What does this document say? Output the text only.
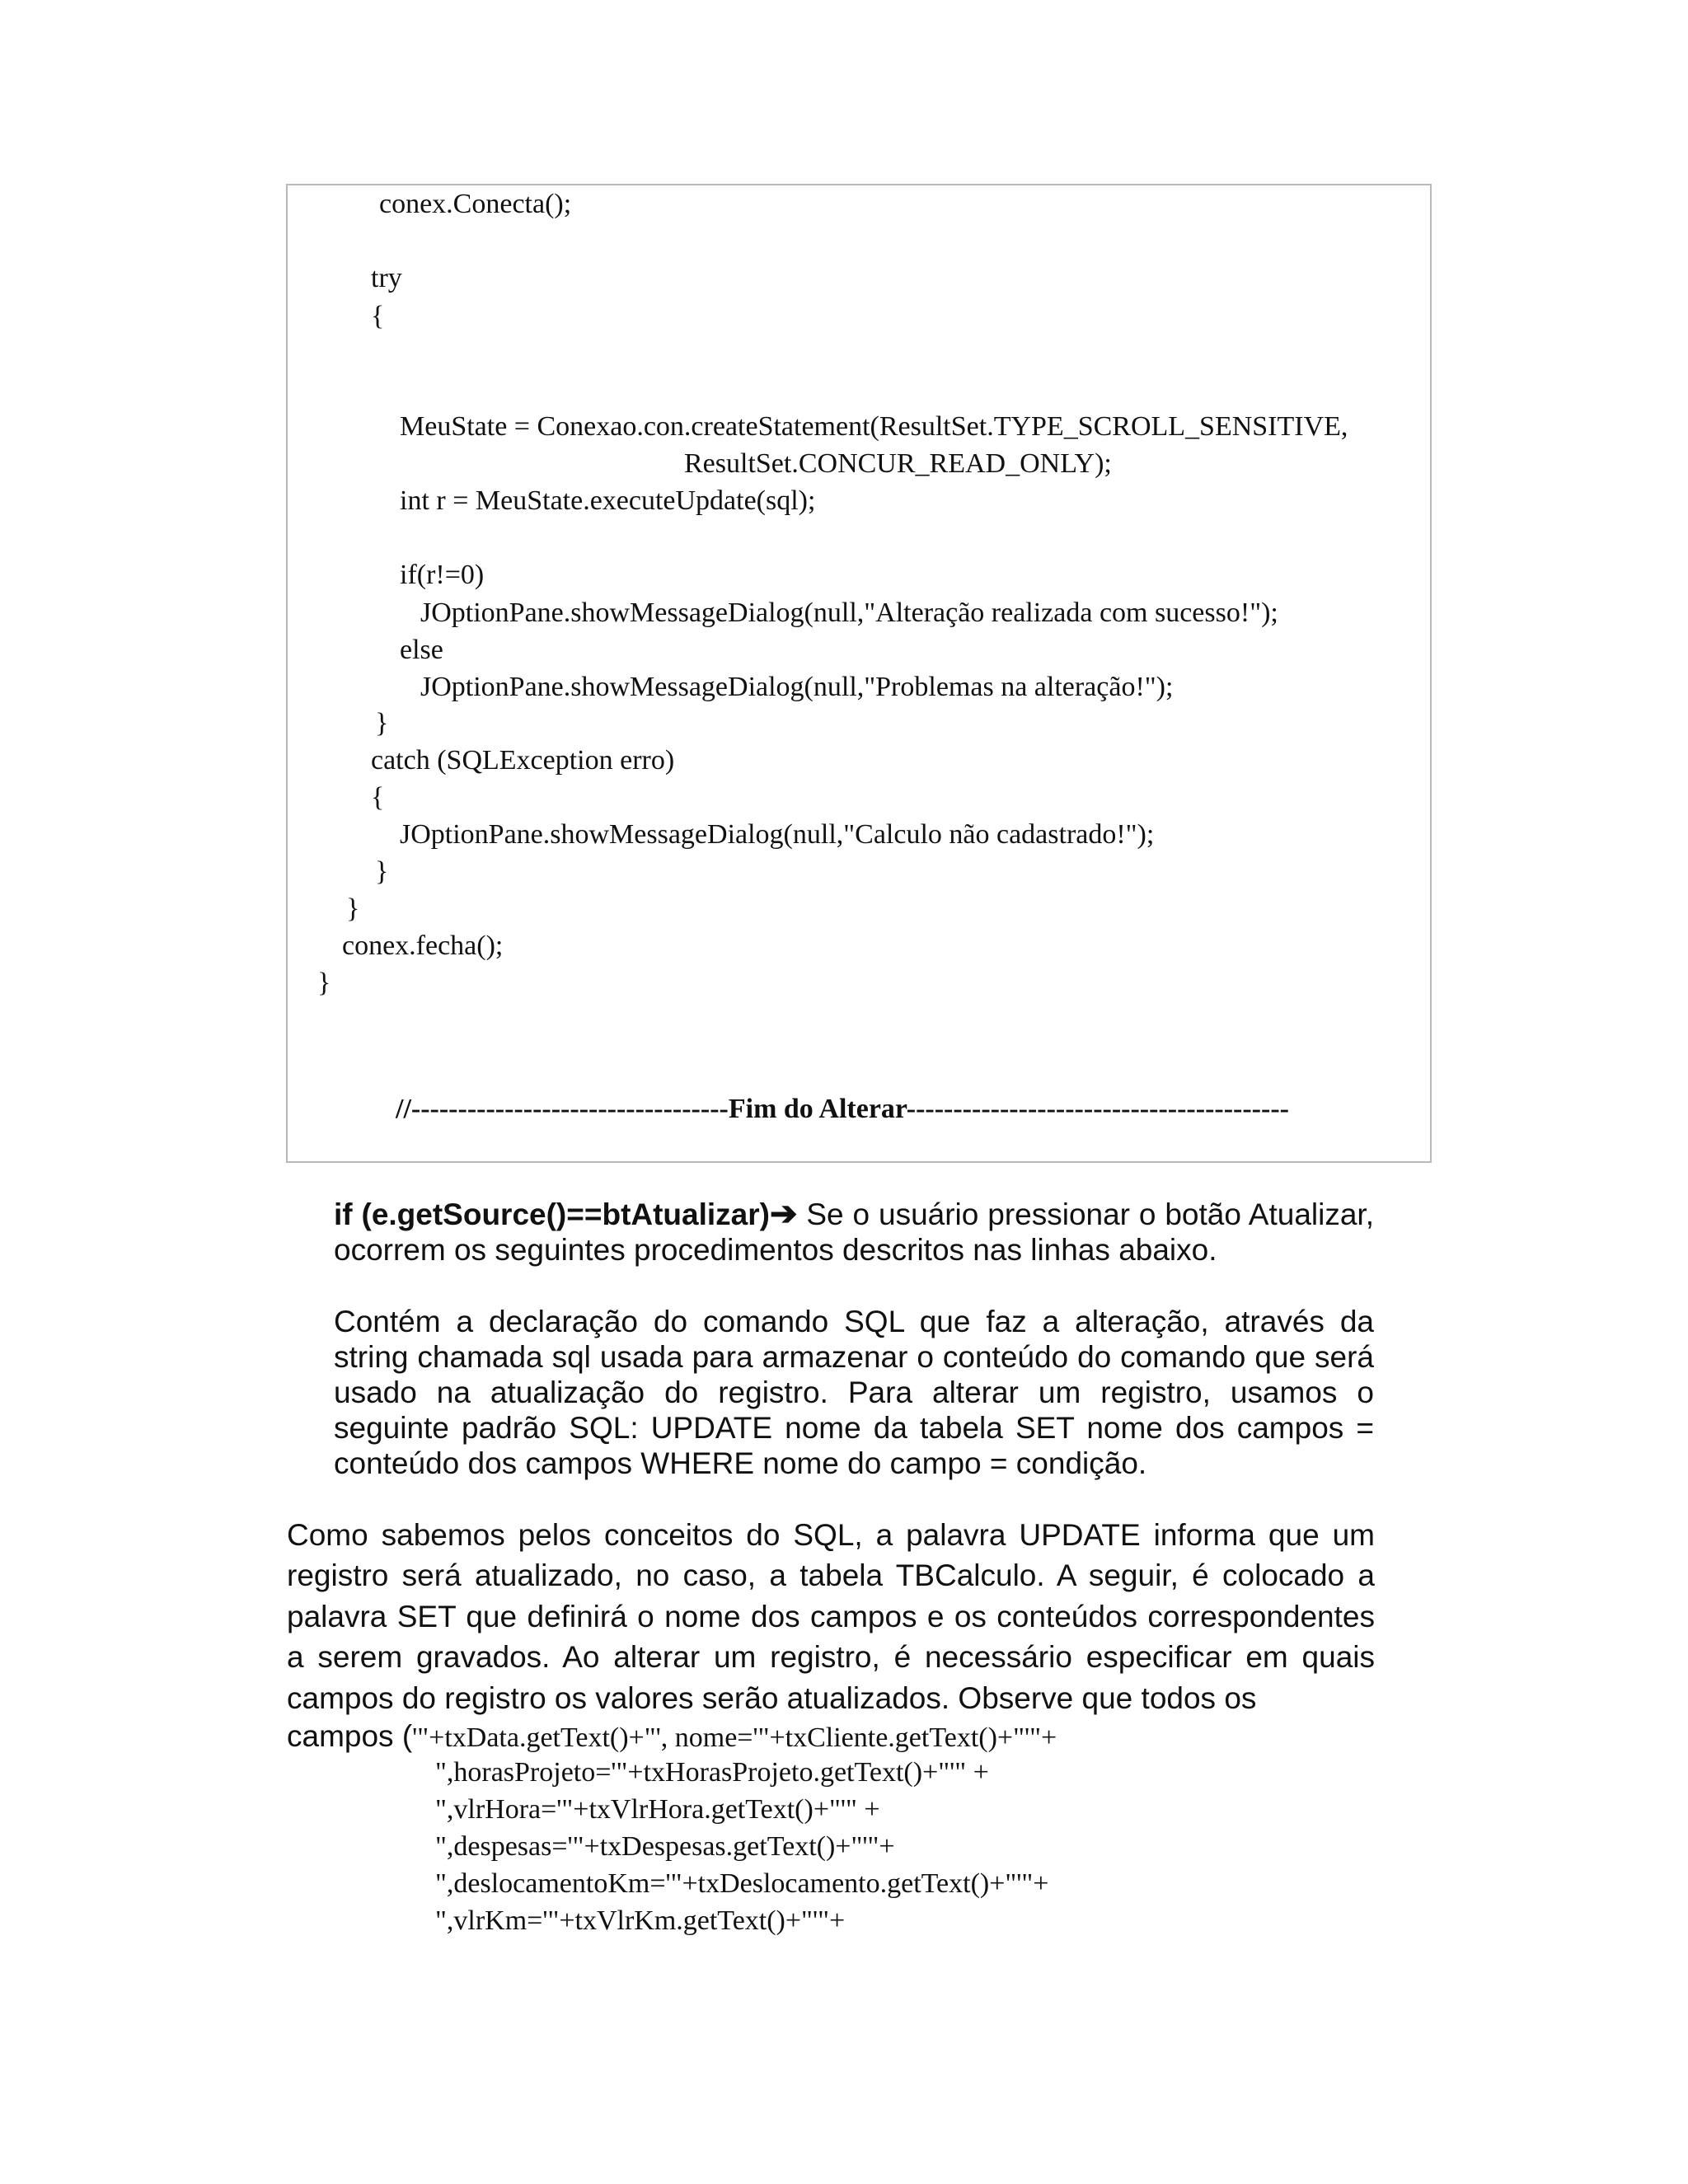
conex.Conecta();
try
{
MeuState = Conexao.con.createStatement(ResultSet.TYPE_SCROLL_SENSITIVE,
ResultSet.CONCUR_READ_ONLY);
int r = MeuState.executeUpdate(sql);
if(r!=0)
JOptionPane.showMessageDialog(null,"Alteração realizada com sucesso!");
else
JOptionPane.showMessageDialog(null,"Problemas na alteração!");
}
catch (SQLException erro)
{
JOptionPane.showMessageDialog(null,"Calculo não cadastrado!");
}
}
conex.fecha();
}
//----------------------------------Fim do Alterar-----------------------------------------
if (e.getSource()==btAtualizar)➔ Se o usuário pressionar o botão Atualizar, ocorrem os seguintes procedimentos descritos nas linhas abaixo.
Contém a declaração do comando SQL que faz a alteração, através da string chamada sql usada para armazenar o conteúdo do comando que será usado na atualização do registro. Para alterar um registro, usamos o seguinte padrão SQL: UPDATE nome da tabela SET nome dos campos = conteúdo dos campos WHERE nome do campo = condição.
Como sabemos pelos conceitos do SQL, a palavra UPDATE informa que um registro será atualizado, no caso, a tabela TBCalculo. A seguir, é colocado a palavra SET que definirá o nome dos campos e os conteúdos correspondentes a serem gravados. Ao alterar um registro, é necessário especificar em quais campos do registro os valores serão atualizados. Observe que todos os
campos ('"+txData.getText()+"', nome='"+txCliente.getText()+"'"+
",horasProjeto='"+txHorasProjeto.getText()+"'" +
",vlrHora='"+txVlrHora.getText()+"'" +
",despesas='"+txDespesas.getText()+"'"+
",deslocamentoKm='"+txDeslocamento.getText()+"'"+
",vlrKm='"+txVlrKm.getText()+"'"+
